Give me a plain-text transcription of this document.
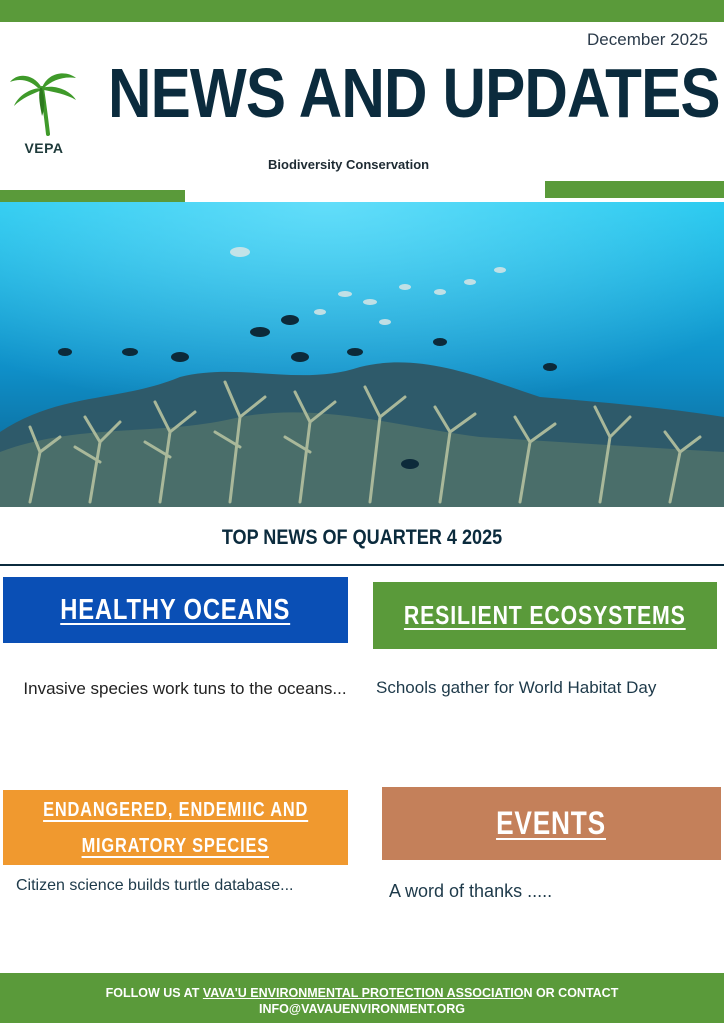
December 2025
VEPA
NEWS AND UPDATES
Biodiversity Conservation
TOP NEWS OF QUARTER 4 2025
HEALTHY OCEANS	RESILIENT ECOSYSTEMS
Invasive species work tuns to the oceans... Schools gather for World Habitat Day
ENDANGERED, ENDEMIIC AND
MIGRATORY SPECIES
EVENTS
Citizen science builds turtle database...	A word of thanks .....
FOLLOW US AT VAVA'U ENVIRONMENTAL PROTECTION ASSOCIATION OR CONTACT
INFO@VAVAUENVIRONMENT.ORG
